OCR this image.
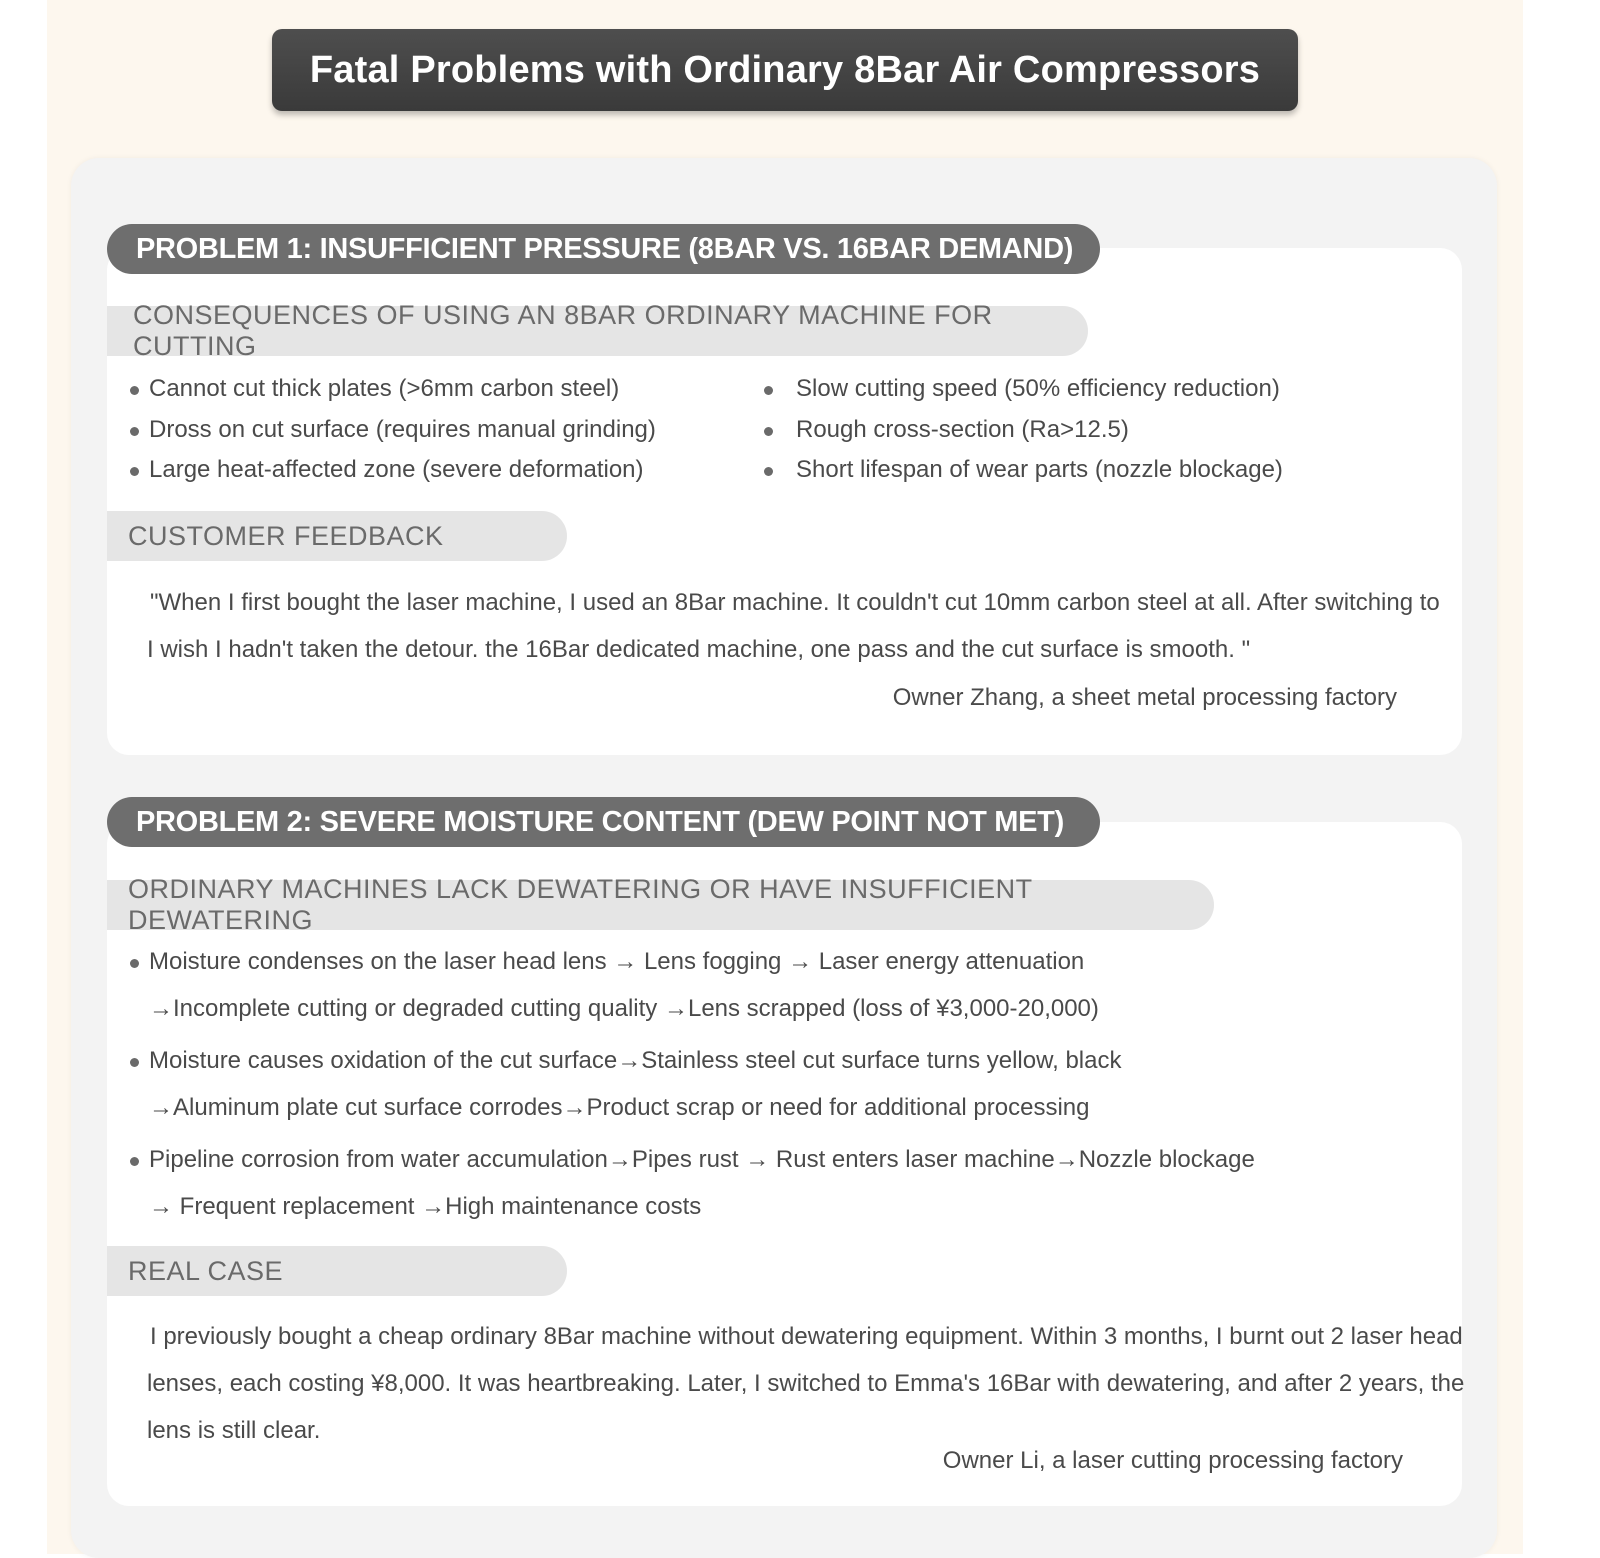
Fatal Problems with Ordinary 8Bar Air Compressors
PROBLEM 1: INSUFFICIENT PRESSURE (8BAR VS. 16BAR DEMAND)
CONSEQUENCES OF USING AN 8BAR ORDINARY MACHINE FOR CUTTING
Cannot cut thick plates (>6mm carbon steel)
Dross on cut surface (requires manual grinding)
Large heat-affected zone (severe deformation)
Slow cutting speed (50% efficiency reduction)
Rough cross-section (Ra>12.5)
Short lifespan of wear parts (nozzle blockage)
CUSTOMER FEEDBACK
"When I first bought the laser machine, I used an 8Bar machine. It couldn't cut 10mm carbon steel at all. After switching to
I wish I hadn't taken the detour. the 16Bar dedicated machine, one pass and the cut surface is smooth. "
Owner Zhang, a sheet metal processing factory
PROBLEM 2: SEVERE MOISTURE CONTENT (DEW POINT NOT MET)
ORDINARY MACHINES LACK DEWATERING OR HAVE INSUFFICIENT DEWATERING
Moisture condenses on the laser head lens → Lens fogging → Laser energy attenuation
→Incomplete cutting or degraded cutting quality →Lens scrapped (loss of ¥3,000-20,000)
Moisture causes oxidation of the cut surface→Stainless steel cut surface turns yellow, black
→Aluminum plate cut surface corrodes→Product scrap or need for additional processing
Pipeline corrosion from water accumulation→Pipes rust → Rust enters laser machine→Nozzle blockage
→ Frequent replacement →High maintenance costs
REAL CASE
I previously bought a cheap ordinary 8Bar machine without dewatering equipment. Within 3 months, I burnt out 2 laser head
lenses, each costing ¥8,000. It was heartbreaking. Later, I switched to Emma's 16Bar with dewatering, and after 2 years, the
lens is still clear.
Owner Li, a laser cutting processing factory
